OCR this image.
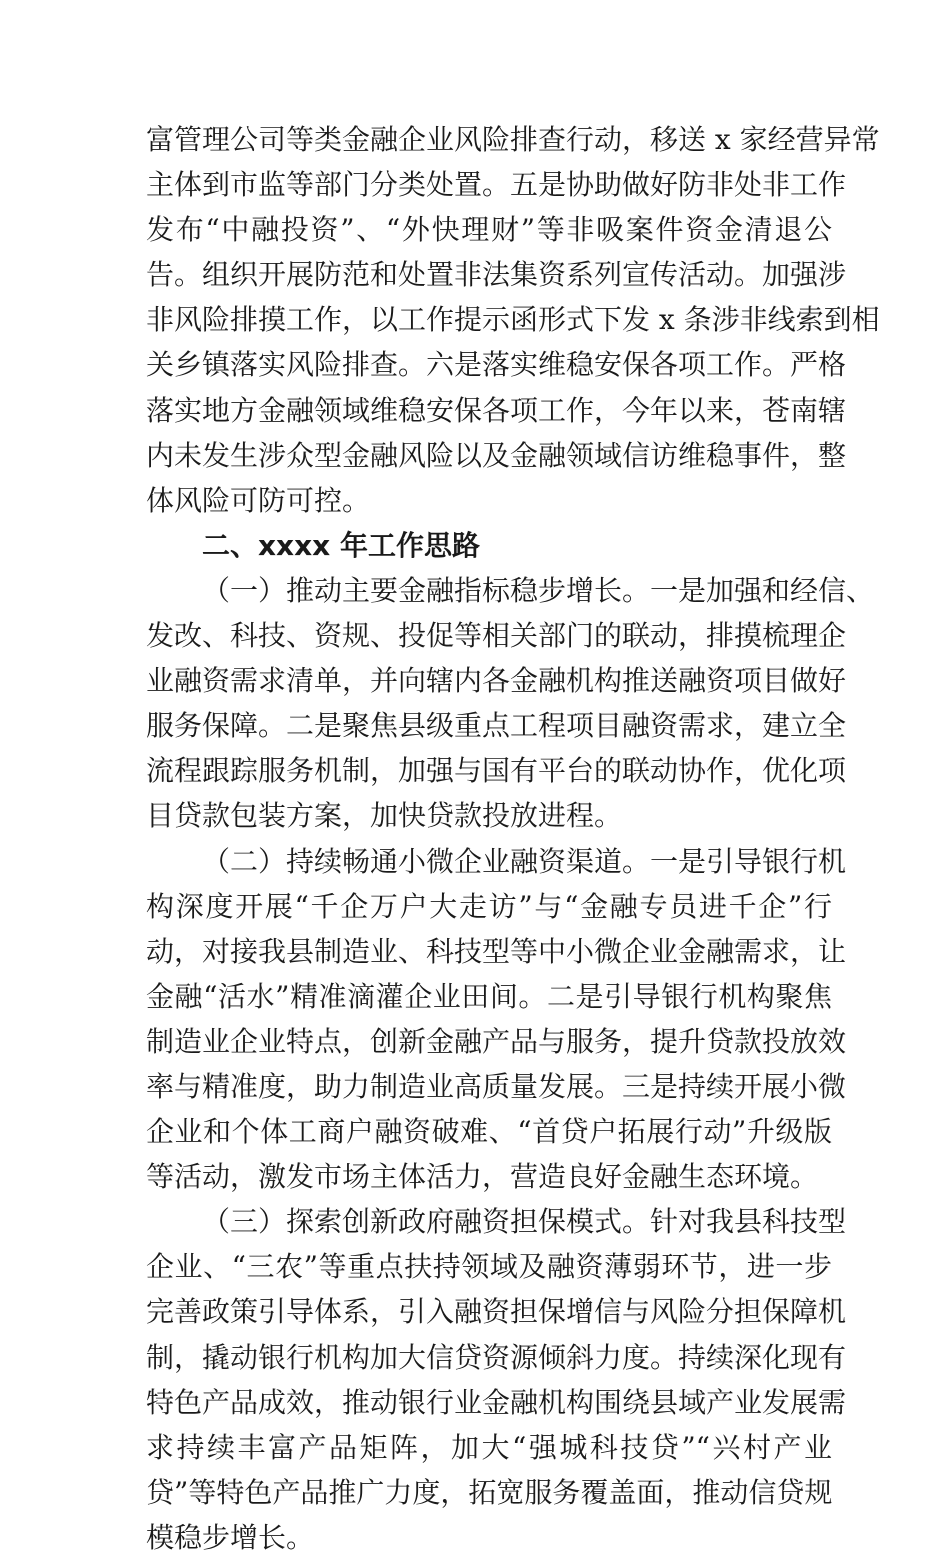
富管理公司等类金融企业风险排查行动，移送 x 家经营异常
主体到市监等部门分类处置。五是协助做好防非处非工作
发布“中融投资”、“外快理财”等非吸案件资金清退公
告。组织开展防范和处置非法集资系列宣传活动。加强涉
非风险排摸工作，以工作提示函形式下发 x 条涉非线索到相
关乡镇落实风险排查。六是落实维稳安保各项工作。严格
落实地方金融领域维稳安保各项工作，今年以来，苍南辖
内未发生涉众型金融风险以及金融领域信访维稳事件，整
体风险可防可控。
二、xxxx 年工作思路
（一）推动主要金融指标稳步增长。一是加强和经信、
发改、科技、资规、投促等相关部门的联动，排摸梳理企
业融资需求清单，并向辖内各金融机构推送融资项目做好
服务保障。二是聚焦县级重点工程项目融资需求，建立全
流程跟踪服务机制，加强与国有平台的联动协作，优化项
目贷款包装方案，加快贷款投放进程。
（二）持续畅通小微企业融资渠道。一是引导银行机
构深度开展“千企万户大走访”与“金融专员进千企”行
动，对接我县制造业、科技型等中小微企业金融需求，让
金融“活水”精准滴灌企业田间。二是引导银行机构聚焦
制造业企业特点，创新金融产品与服务，提升贷款投放效
率与精准度，助力制造业高质量发展。三是持续开展小微
企业和个体工商户融资破难、“首贷户拓展行动”升级版
等活动，激发市场主体活力，营造良好金融生态环境。
（三）探索创新政府融资担保模式。针对我县科技型
企业、“三农”等重点扶持领域及融资薄弱环节，进一步
完善政策引导体系，引入融资担保增信与风险分担保障机
制，撬动银行机构加大信贷资源倾斜力度。持续深化现有
特色产品成效，推动银行业金融机构围绕县域产业发展需
求持续丰富产品矩阵，加大“强城科技贷”“兴村产业
贷”等特色产品推广力度，拓宽服务覆盖面，推动信贷规
模稳步增长。
